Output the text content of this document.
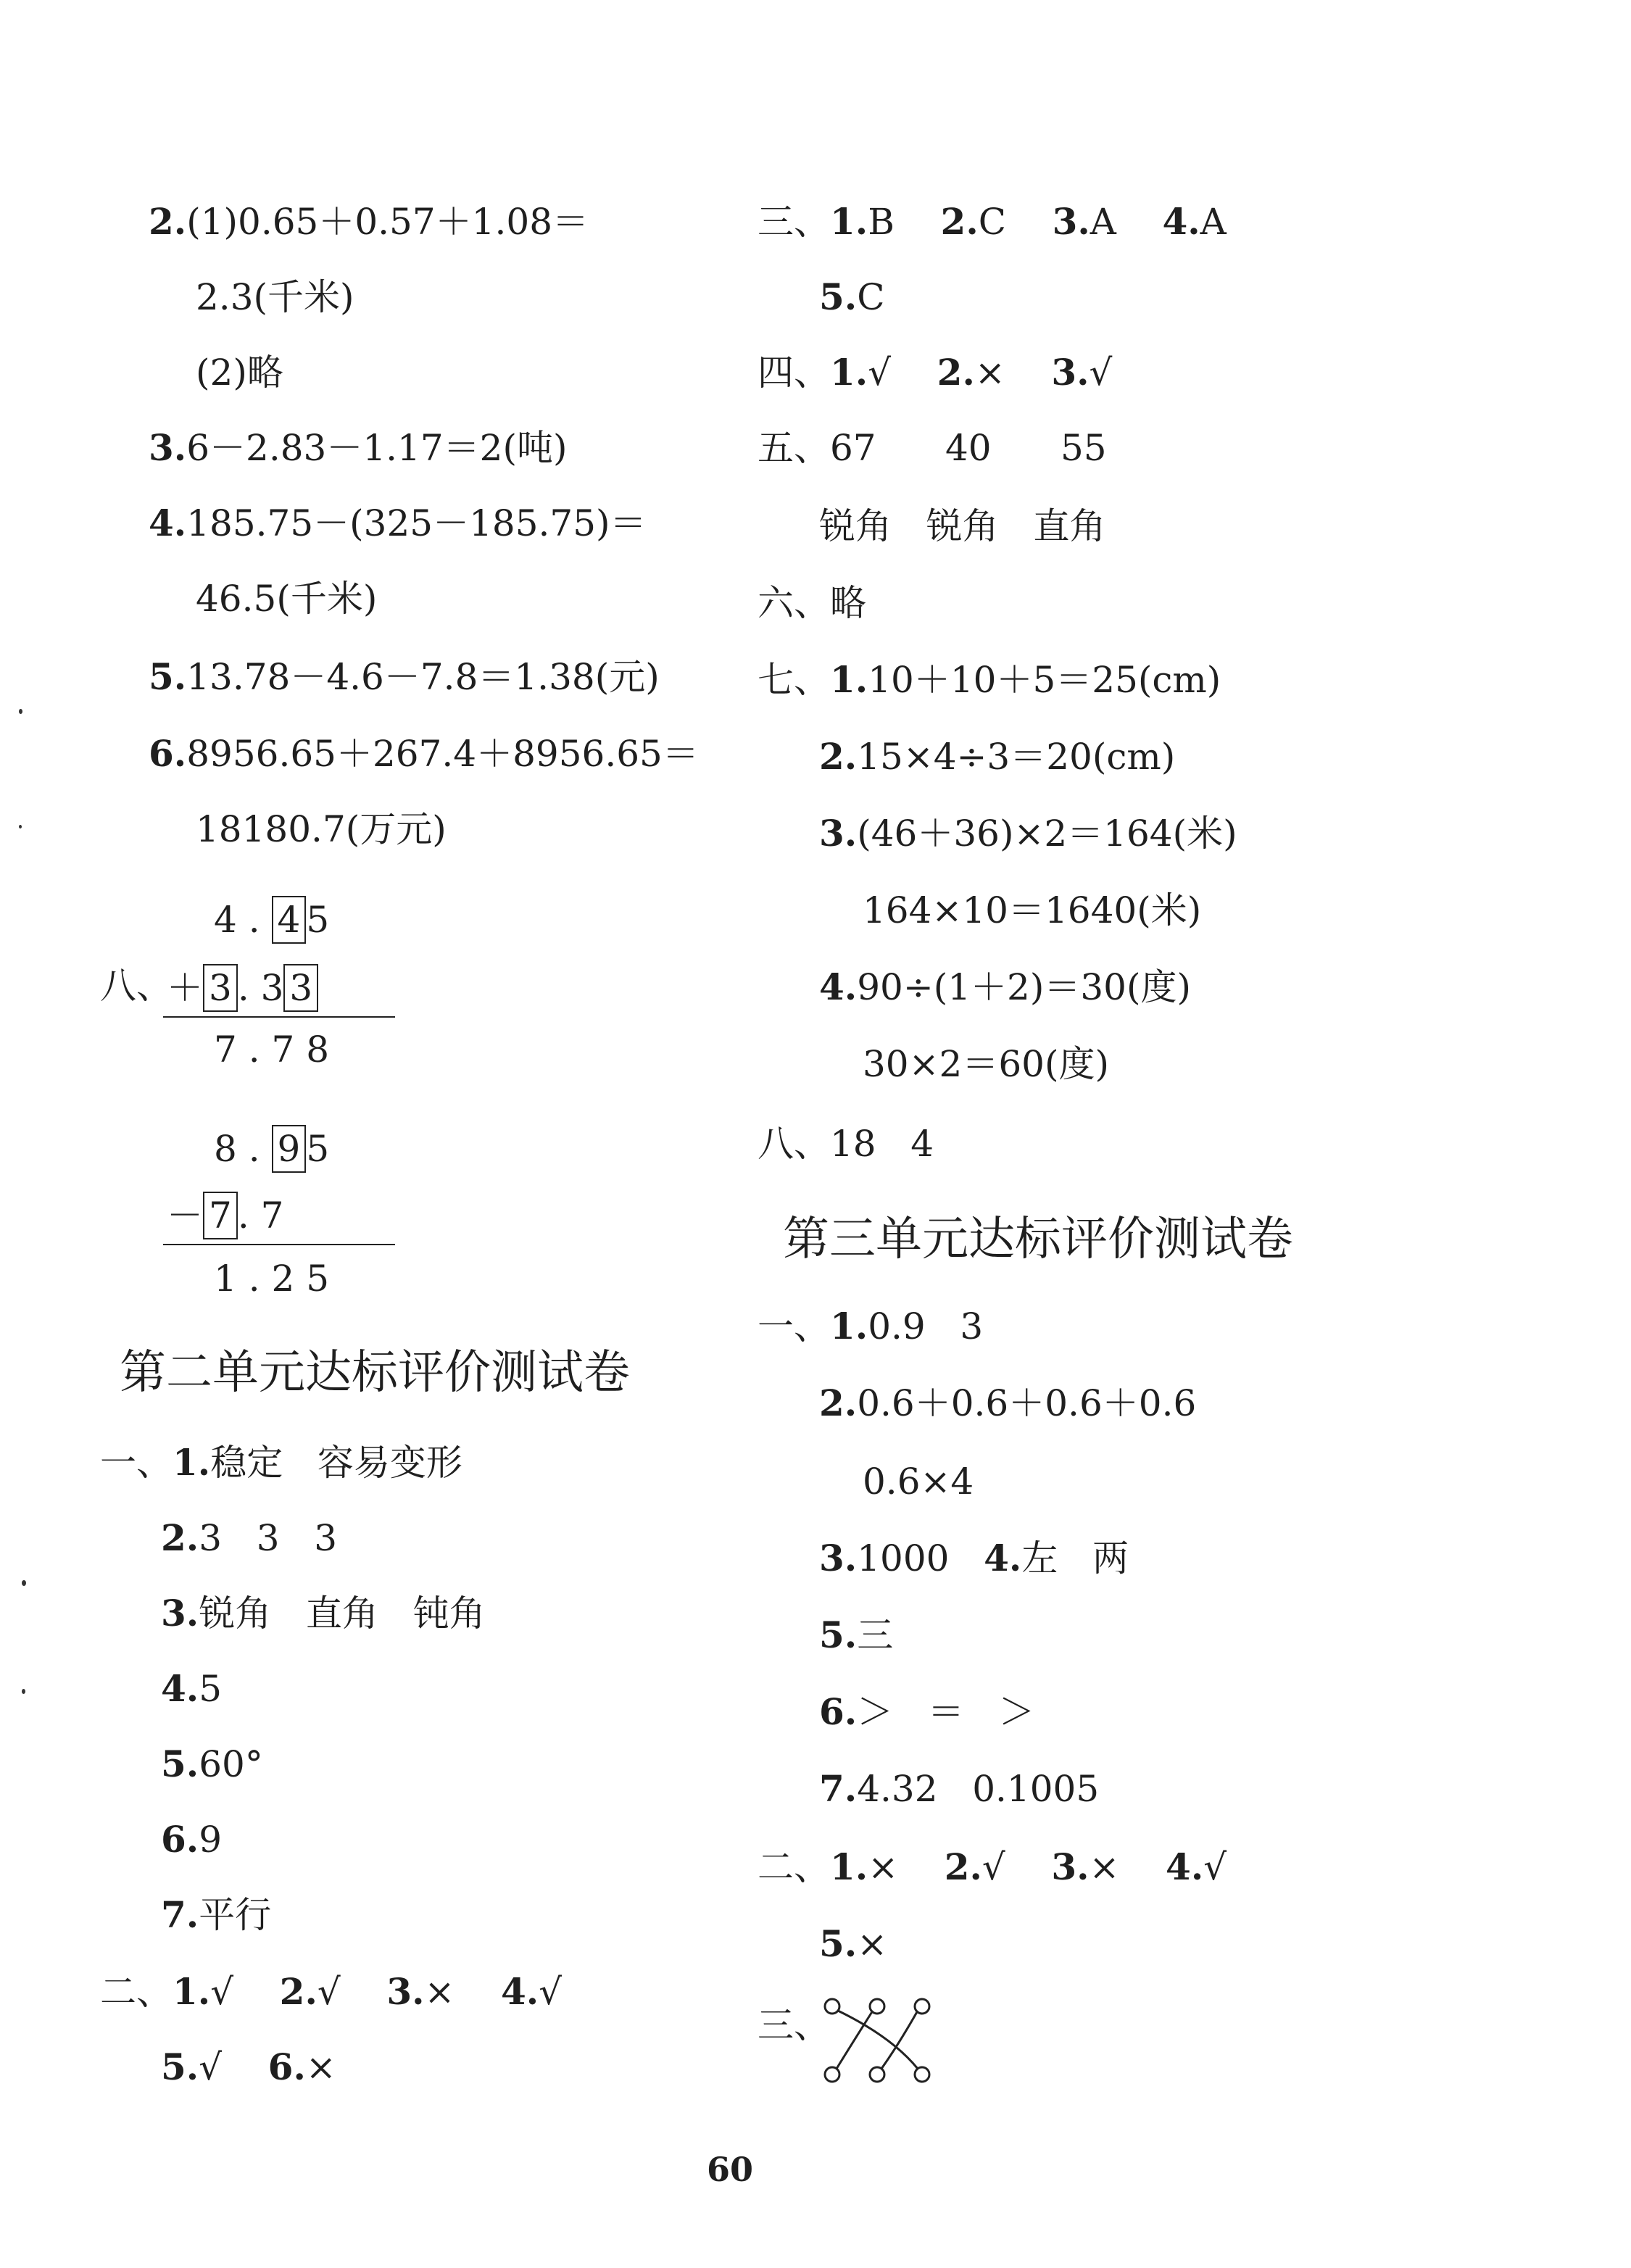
2.(1)0.65＋0.57＋1.08＝
2.3(千米)
(2)略
3.6－2.83－1.17＝2(吨)
4.185.75－(325－185.75)＝
46.5(千米)
5.13.78－4.6－7.8＝1.38(元)
6.8956.65＋267.4＋8956.65＝
18180.7(万元)
4 . 4 5
八、
＋ 3 . 3 3
7 . 7 8
8 . 9 5
－ 7 . 7
1 . 2 5
第二单元达标评价测试卷
一、1.稳定   容易变形
2.3   3   3
3.锐角   直角   钝角
4.5
5.60°
6.9
7.平行
二、1.√ 2.√ 3.× 4.√
5.√ 6.×
三、1.B 2.C 3.A 4.A
5.C
四、1.√ 2.× 3.√
五、67      40      55
锐角   锐角   直角
六、略
七、1.10＋10＋5＝25(cm)
2.15×4÷3＝20(cm)
3.(46＋36)×2＝164(米)
164×10＝1640(米)
4.90÷(1＋2)＝30(度)
30×2＝60(度)
八、18   4
第三单元达标评价测试卷
一、1.0.9   3
2.0.6＋0.6＋0.6＋0.6
0.6×4
3.1000 4.左   两
5.三
6.＞   ＝   ＞
7.4.32   0.1005
二、1.× 2.√ 3.× 4.√
5.×
三、
60
